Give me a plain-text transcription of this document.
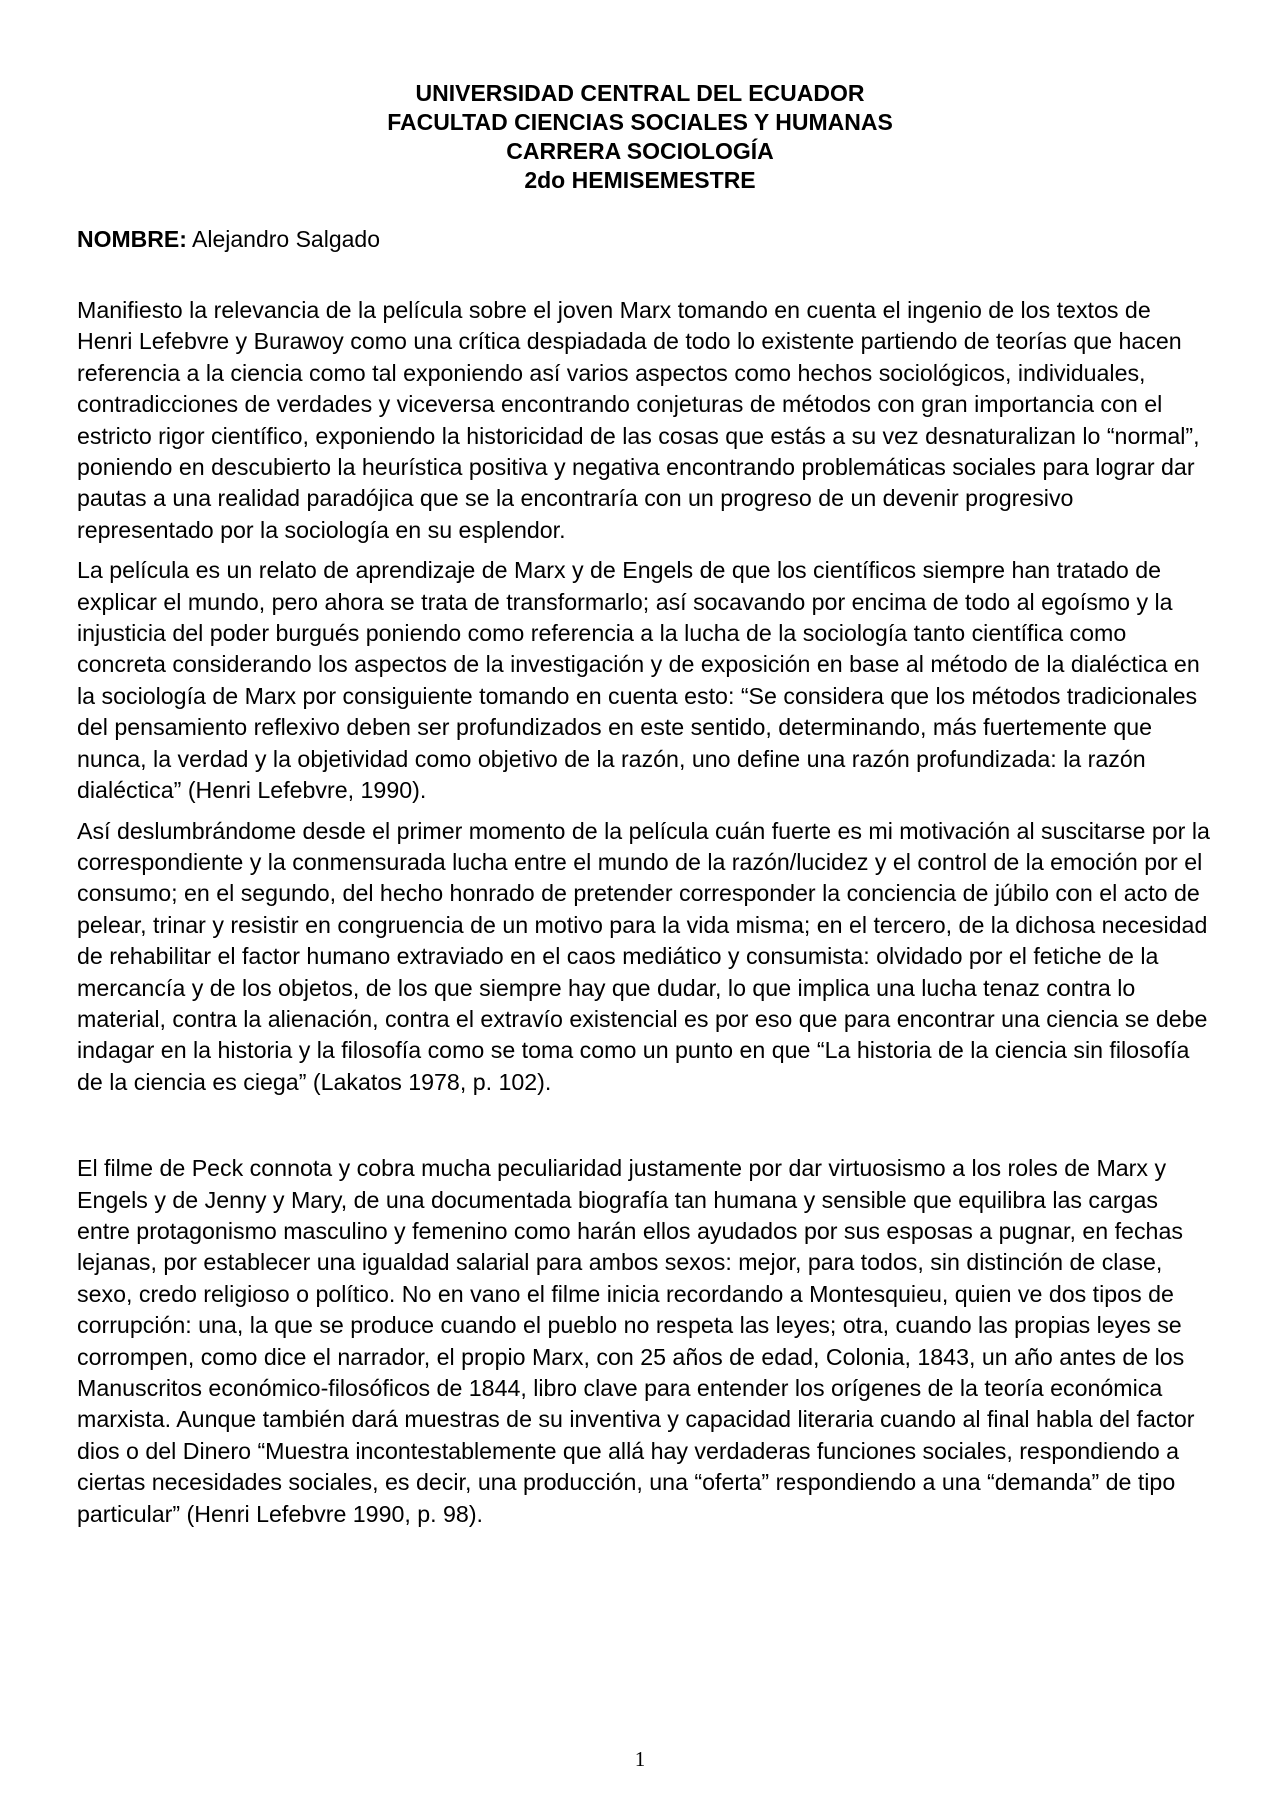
UNIVERSIDAD CENTRAL DEL ECUADOR
FACULTAD CIENCIAS SOCIALES Y HUMANAS
CARRERA SOCIOLOGÍA
2do HEMISEMESTRE
NOMBRE: Alejandro Salgado

Manifiesto la relevancia de la película sobre el joven Marx tomando en cuenta el ingenio de los textos de Henri Lefebvre y Burawoy como una crítica despiadada de todo lo existente partiendo de teorías que hacen referencia a la ciencia como tal exponiendo así varios aspectos como hechos sociológicos, individuales, contradicciones de verdades y viceversa encontrando conjeturas de métodos con gran importancia con el estricto rigor científico, exponiendo la historicidad de las cosas que estás a su vez desnaturalizan lo “normal”, poniendo en descubierto la heurística positiva y negativa encontrando problemáticas sociales para lograr dar pautas a una realidad paradójica que se la encontraría con un progreso de un devenir progresivo representado por la sociología en su esplendor.

La película es un relato de aprendizaje de Marx y de Engels de que los científicos siempre han tratado de explicar el mundo, pero ahora se trata de transformarlo; así socavando por encima de todo al egoísmo y la injusticia del poder burgués poniendo como referencia a la lucha de la sociología tanto científica como concreta considerando los aspectos de la investigación y de exposición en base al método de la dialéctica en la sociología de Marx por consiguiente tomando en cuenta esto: “Se considera que los métodos tradicionales del pensamiento reflexivo deben ser profundizados en este sentido, determinando, más fuertemente que nunca, la verdad y la objetividad como objetivo de la razón, uno define una razón profundizada: la razón dialéctica” (Henri Lefebvre, 1990).

Así deslumbrándome desde el primer momento de la película cuán fuerte es mi motivación al suscitarse por la correspondiente y la conmensurada lucha entre el mundo de la razón/lucidez y el control de la emoción por el consumo; en el segundo, del hecho honrado de pretender corresponder la conciencia de júbilo con el acto de pelear, trinar y resistir en congruencia de un motivo para la vida misma; en el tercero, de la dichosa necesidad de rehabilitar el factor humano extraviado en el caos mediático y consumista: olvidado por el fetiche de la mercancía y de los objetos, de los que siempre hay que dudar, lo que implica una lucha tenaz contra lo material, contra la alienación, contra el extravío existencial es por eso que para encontrar una ciencia se debe indagar en la historia y la filosofía como se toma como un punto en que “La historia de la ciencia sin filosofía de la ciencia es ciega” (Lakatos 1978, p. 102).

El filme de Peck connota y cobra mucha peculiaridad justamente por dar virtuosismo a los roles de Marx y Engels y de Jenny y Mary, de una documentada biografía tan humana y sensible que equilibra las cargas entre protagonismo masculino y femenino como harán ellos ayudados por sus esposas a pugnar, en fechas lejanas, por establecer una igualdad salarial para ambos sexos: mejor, para todos, sin distinción de clase, sexo, credo religioso o político. No en vano el filme inicia recordando a Montesquieu, quien ve dos tipos de corrupción: una, la que se produce cuando el pueblo no respeta las leyes; otra, cuando las propias leyes se corrompen, como dice el narrador, el propio Marx, con 25 años de edad, Colonia, 1843, un año antes de los Manuscritos económico-filosóficos de 1844, libro clave para entender los orígenes de la teoría económica marxista. Aunque también dará muestras de su inventiva y capacidad literaria cuando al final habla del factor dios o del Dinero “Muestra incontestablemente que allá hay verdaderas funciones sociales, respondiendo a ciertas necesidades sociales, es decir, una producción, una “oferta” respondiendo a una “demanda” de tipo particular” (Henri Lefebvre 1990, p. 98).

1
